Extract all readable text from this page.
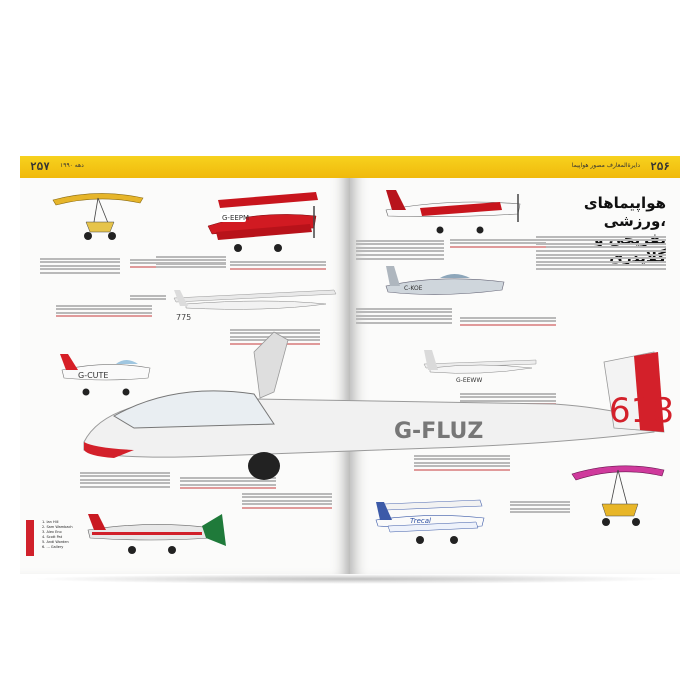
۲۵۷ دهه ۱۹۹۰
G-EEPM
775
G-CUTE
1. Ian Hill
2. Sam Wambach
3. Alex Eno
4. Scott Pat
5. Andi Worden
6. ... Gallery
۲۵۶
دایرةالمعارف مصور هواپیما
هواپیماهای ورزشی،
C-KOE
G-EEWW
Trecal
618
G-FLUZ
